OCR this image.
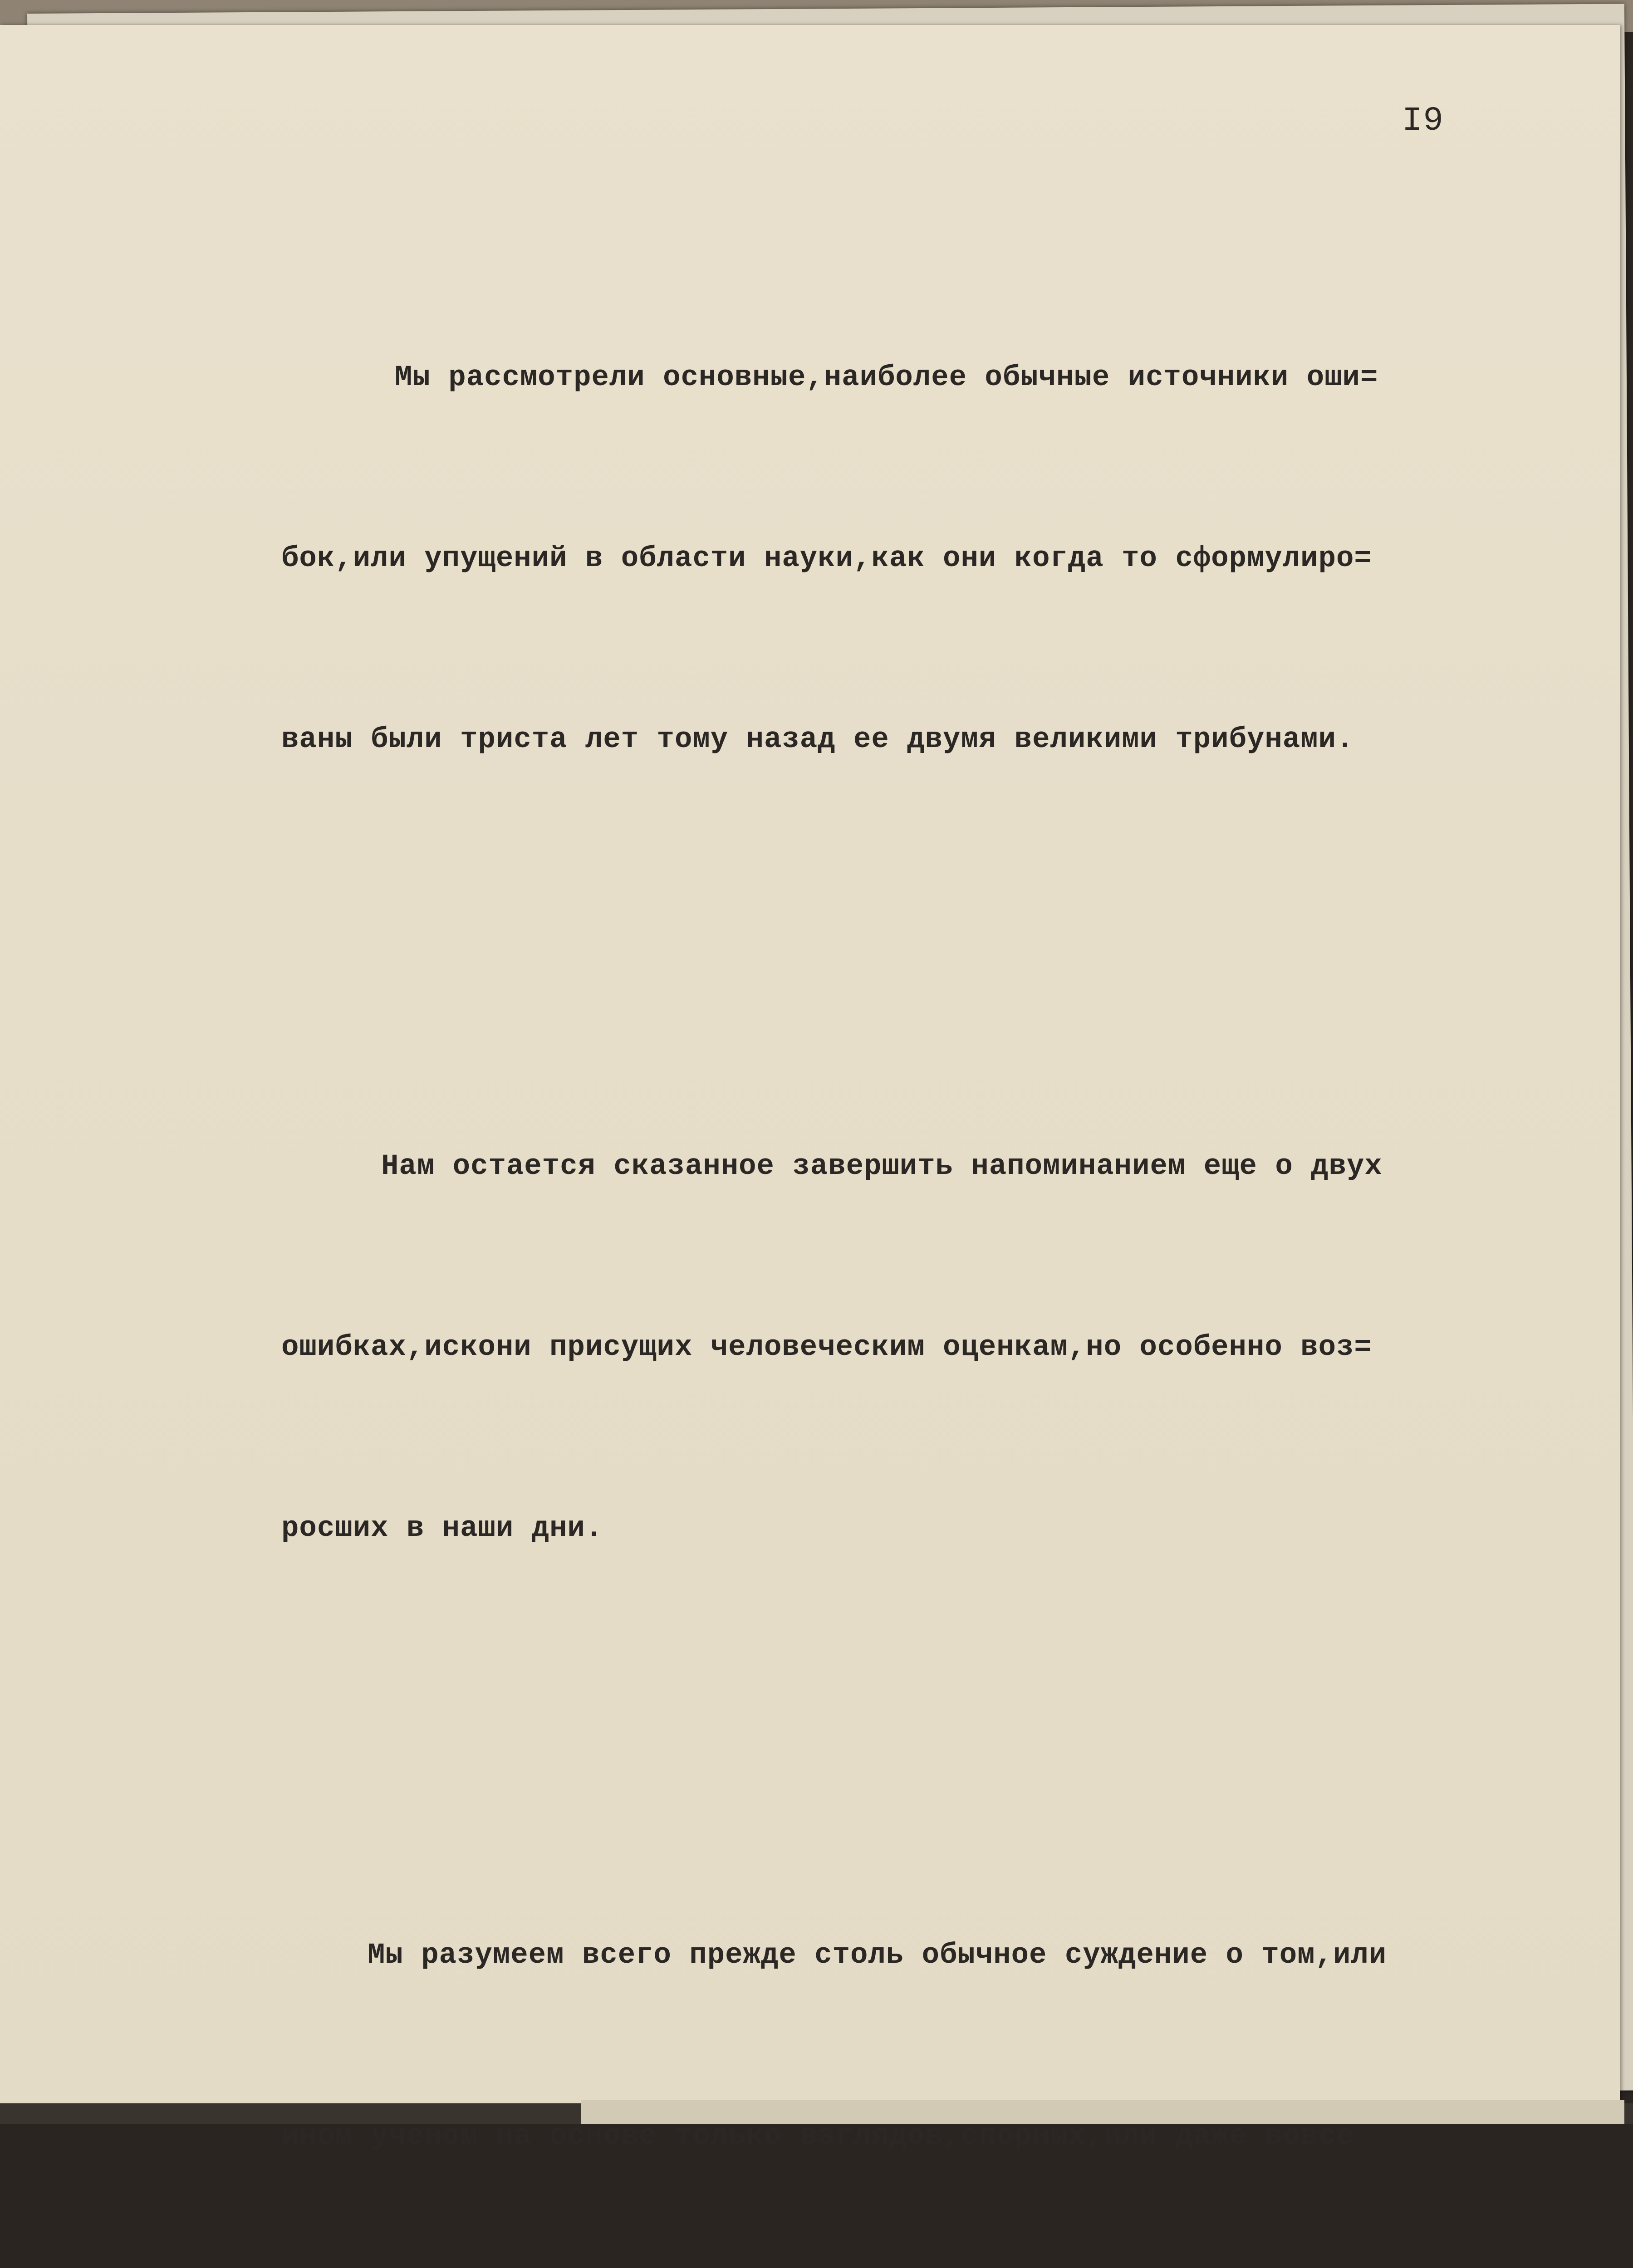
I9

Мы рассмотрели основные,наиболее обычные источники оши=

бок,или упущений в области науки,как они когда то сформулиро=

ваны были триста лет тому назад ее двумя великими трибунами.

Нам остается сказанное завершить напоминанием еще о двух

ошибках,искони присущих человеческим оценкам,но особенно воз=

росших в наши дни.

Мы разумеем всего прежде столь обычное суждение о том,или

ином ученом на основе только взглядов,спорных,или даже вовсе
